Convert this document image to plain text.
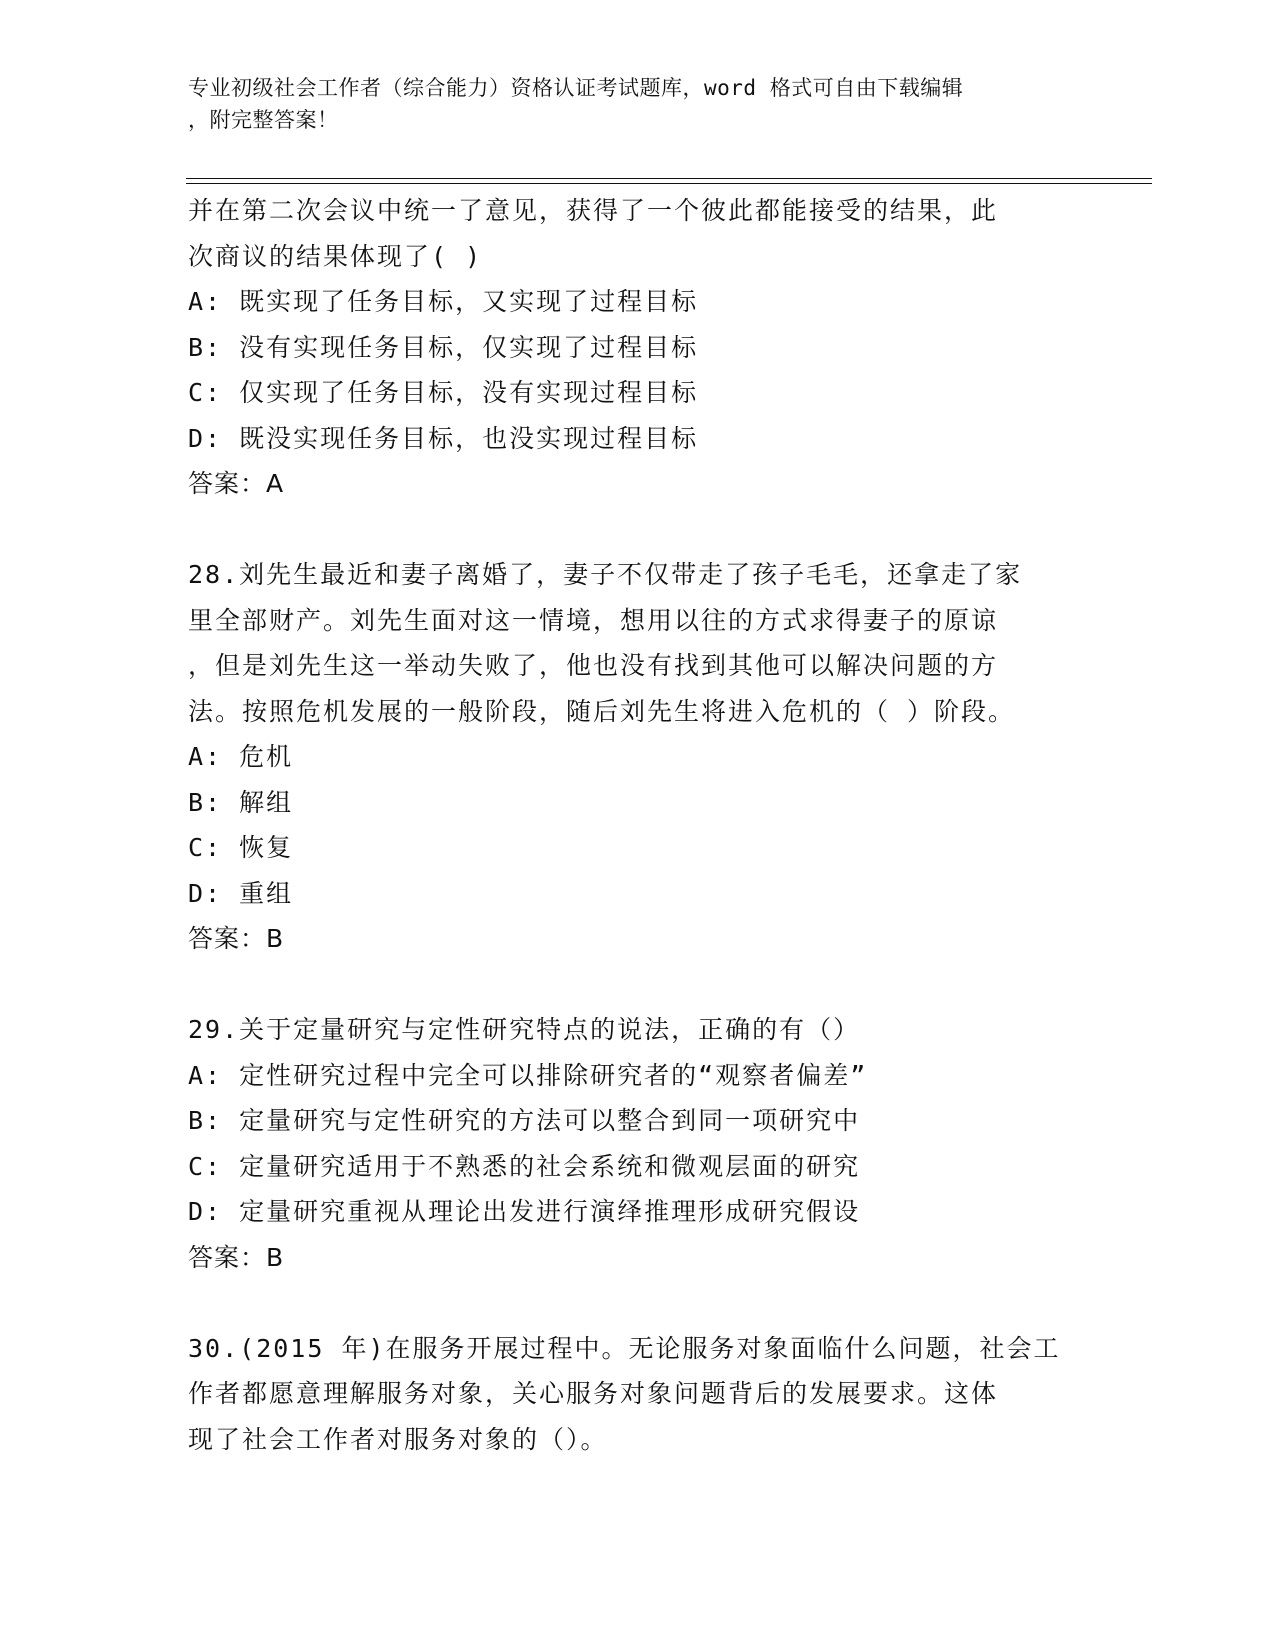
专业初级社会工作者（综合能力）资格认证考试题库，word 格式可自由下载编辑
，附完整答案！
并在第二次会议中统一了意见，获得了一个彼此都能接受的结果，此
次商议的结果体现了( )
A: 既实现了任务目标，又实现了过程目标
B: 没有实现任务目标，仅实现了过程目标
C: 仅实现了任务目标，没有实现过程目标
D: 既没实现任务目标，也没实现过程目标
答案：A
28.刘先生最近和妻子离婚了，妻子不仅带走了孩子毛毛，还拿走了家
里全部财产。刘先生面对这一情境，想用以往的方式求得妻子的原谅
，但是刘先生这一举动失败了，他也没有找到其他可以解决问题的方
法。按照危机发展的一般阶段，随后刘先生将进入危机的（ ）阶段。
A: 危机
B: 解组
C: 恢复
D: 重组
答案：B
29.关于定量研究与定性研究特点的说法，正确的有（）
A: 定性研究过程中完全可以排除研究者的“观察者偏差”
B: 定量研究与定性研究的方法可以整合到同一项研究中
C: 定量研究适用于不熟悉的社会系统和微观层面的研究
D: 定量研究重视从理论出发进行演绎推理形成研究假设
答案：B
30.(2015 年)在服务开展过程中。无论服务对象面临什么问题，社会工
作者都愿意理解服务对象，关心服务对象问题背后的发展要求。这体
现了社会工作者对服务对象的（）。
